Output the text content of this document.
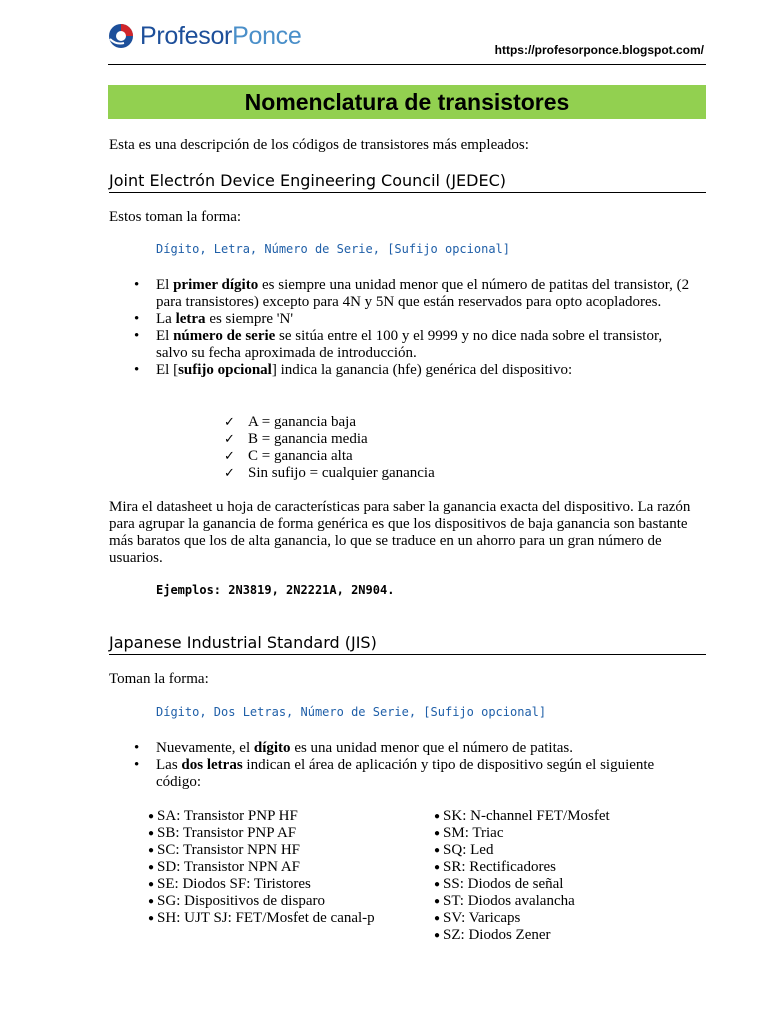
ProfesorPonce	https://profesorponce.blogspot.com/
Nomenclatura de transistores
Esta es una descripción de los códigos de transistores más empleados:
Joint Electrón Device Engineering Council (JEDEC)
Estos toman la forma:
Dígito, Letra, Número de Serie, [Sufijo opcional]
• El primer dígito es siempre una unidad menor que el número de patitas del transistor, (2 para transistores) excepto para 4N y 5N que están reservados para opto acopladores.
• La letra es siempre 'N'
• El número de serie se sitúa entre el 100 y el 9999 y no dice nada sobre el transistor, salvo su fecha aproximada de introducción.
• El [sufijo opcional] indica la ganancia (hfe) genérica del dispositivo:
✓ A = ganancia baja
✓ B = ganancia media
✓ C = ganancia alta
✓ Sin sufijo = cualquier ganancia
Mira el datasheet u hoja de características para saber la ganancia exacta del dispositivo. La razón para agrupar la ganancia de forma genérica es que los dispositivos de baja ganancia son bastante más baratos que los de alta ganancia, lo que se traduce en un ahorro para un gran número de usuarios.
Ejemplos: 2N3819, 2N2221A, 2N904.
Japanese Industrial Standard (JIS)
Toman la forma:
Dígito, Dos Letras, Número de Serie, [Sufijo opcional]
• Nuevamente, el dígito es una unidad menor que el número de patitas.
• Las dos letras indican el área de aplicación y tipo de dispositivo según el siguiente código:
● SA: Transistor PNP HF
● SB: Transistor PNP AF
● SC: Transistor NPN HF
● SD: Transistor NPN AF
● SE: Diodos SF: Tiristores
● SG: Dispositivos de disparo
● SH: UJT SJ: FET/Mosfet de canal-p
● SK: N-channel FET/Mosfet
● SM: Triac
● SQ: Led
● SR: Rectificadores
● SS: Diodos de señal
● ST: Diodos avalancha
● SV: Varicaps
● SZ: Diodos Zener
